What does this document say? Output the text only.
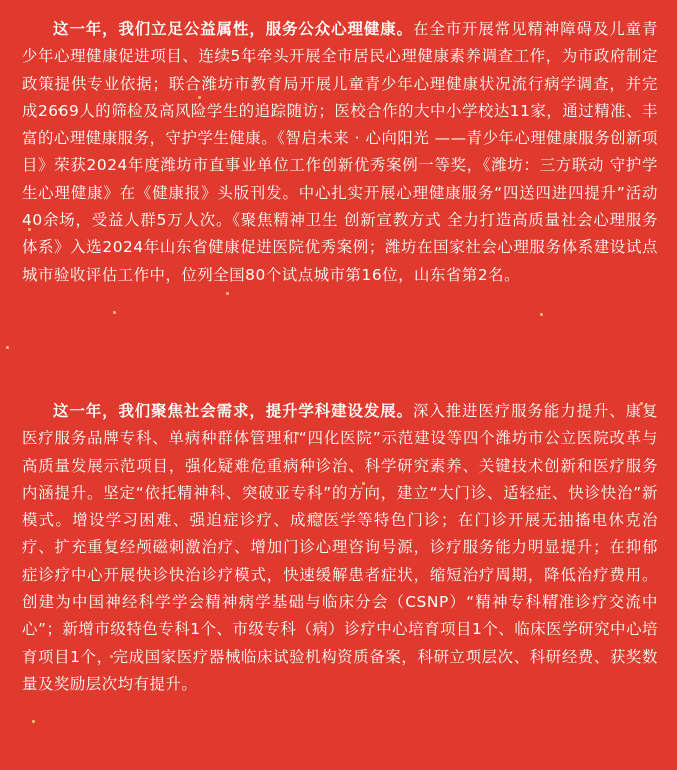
这一年，我们立足公益属性，服务公众心理健康。在全市开展常见精神障碍及儿童青少年心理健康促进项目、连续5年牵头开展全市居民心理健康素养调查工作，为市政府制定政策提供专业依据；联合潍坊市教育局开展儿童青少年心理健康状况流行病学调查，并完成2669人的筛检及高风险学生的追踪随访；医校合作的大中小学校达11家，通过精准、丰富的心理健康服务，守护学生健康。《智启未来 · 心向阳光 ——青少年心理健康服务创新项目》荣获2024年度潍坊市直事业单位工作创新优秀案例一等奖，《潍坊：三方联动 守护学生心理健康》在《健康报》头版刊发。中心扎实开展心理健康服务“四送四进四提升”活动40余场，受益人群5万人次。《聚焦精神卫生 创新宣教方式 全力打造高质量社会心理服务体系》入选2024年山东省健康促进医院优秀案例；潍坊在国家社会心理服务体系建设试点城市验收评估工作中，位列全国80个试点城市第16位，山东省第2名。

这一年，我们聚焦社会需求，提升学科建设发展。深入推进医疗服务能力提升、康复医疗服务品牌专科、单病种群体管理和“四化医院”示范建设等四个潍坊市公立医院改革与高质量发展示范项目，强化疑难危重病种诊治、科学研究素养、关键技术创新和医疗服务内涵提升。坚定“依托精神科、突破亚专科”的方向，建立“大门诊、适轻症、快诊快治”新模式。增设学习困难、强迫症诊疗、成瘾医学等特色门诊；在门诊开展无抽搐电休克治疗、扩充重复经颅磁刺激治疗、增加门诊心理咨询号源，诊疗服务能力明显提升；在抑郁症诊疗中心开展快诊快治诊疗模式，快速缓解患者症状，缩短治疗周期，降低治疗费用。创建为中国神经科学学会精神病学基础与临床分会（CSNP）“精神专科精准诊疗交流中心”；新增市级特色专科1个、市级专科（病）诊疗中心培育项目1个、临床医学研究中心培育项目1个，完成国家医疗器械临床试验机构资质备案，科研立项层次、科研经费、获奖数量及奖励层次均有提升。
